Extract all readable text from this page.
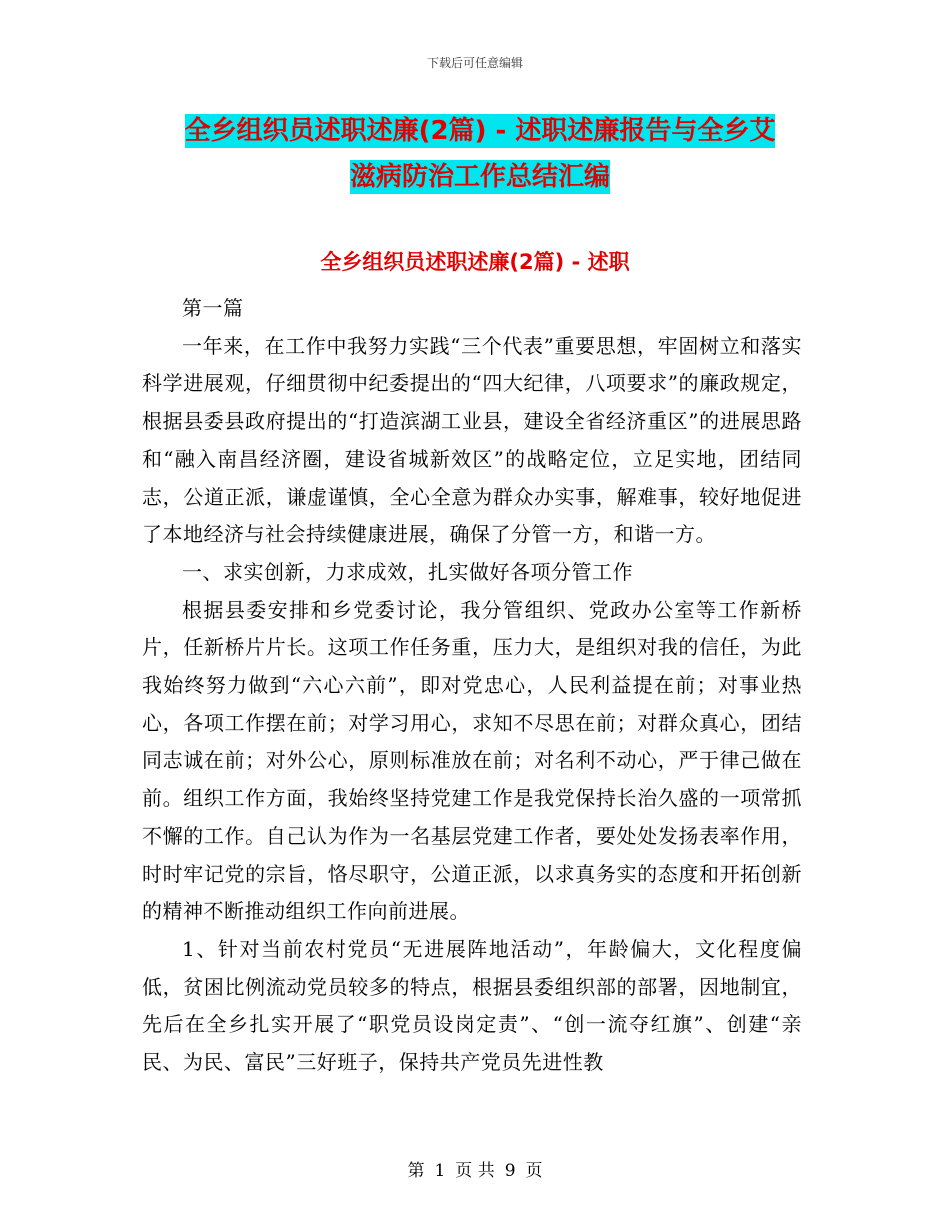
下载后可任意编辑
全乡组织员述职述廉(2篇) - 述职述廉报告与全乡艾
滋病防治工作总结汇编
全乡组织员述职述廉(2篇) - 述职

第一篇

一年来，在工作中我努力实践“三个代表”重要思想，牢固树立和落实科学进展观，仔细贯彻中纪委提出的“四大纪律，八项要求”的廉政规定，根据县委县政府提出的“打造滨湖工业县，建设全省经济重区”的进展思路和“融入南昌经济圈，建设省城新效区”的战略定位，立足实地，团结同志，公道正派，谦虚谨慎，全心全意为群众办实事，解难事，较好地促进了本地经济与社会持续健康进展，确保了分管一方，和谐一方。

一、求实创新，力求成效，扎实做好各项分管工作

根据县委安排和乡党委讨论，我分管组织、党政办公室等工作新桥片，任新桥片片长。这项工作任务重，压力大，是组织对我的信任，为此我始终努力做到“六心六前”，即对党忠心，人民利益提在前；对事业热心，各项工作摆在前；对学习用心，求知不尽思在前；对群众真心，团结同志诚在前；对外公心，原则标准放在前；对名利不动心，严于律己做在前。组织工作方面，我始终坚持党建工作是我党保持长治久盛的一项常抓不懈的工作。自己认为作为一名基层党建工作者，要处处发扬表率作用，时时牢记党的宗旨，恪尽职守，公道正派，以求真务实的态度和开拓创新的精神不断推动组织工作向前进展。

1、针对当前农村党员“无进展阵地活动”，年龄偏大，文化程度偏低，贫困比例流动党员较多的特点，根据县委组织部的部署，因地制宜，先后在全乡扎实开展了“职党员设岗定责”、“创一流夺红旗”、创建“亲民、为民、富民”三好班子，保持共产党员先进性教

第 1 页 共 9 页
